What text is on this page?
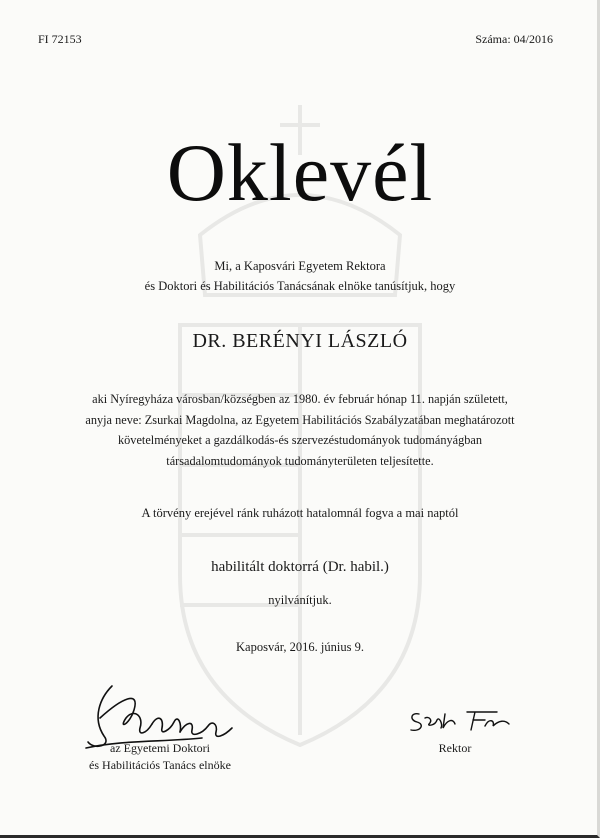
FI 72153	Száma: 04/2016
Oklevél
Mi, a Kaposvári Egyetem Rektora
és Doktori és Habilitációs Tanácsának elnöke tanúsítjuk, hogy
DR. BERÉNYI LÁSZLÓ
aki Nyíregyháza városban/községben az 1980. év február hónap 11. napján született,
anyja neve: Zsurkai Magdolna, az Egyetem Habilitációs Szabályzatában meghatározott
követelményeket a gazdálkodás-és szervezéstudományok tudományágban
társadalomtudományok tudományterületen teljesítette.
A törvény erejével ránk ruházott hatalomnál fogva a mai naptól
habilitált doktorrá (Dr. habil.)
nyilvánítjuk.
Kaposvár, 2016. június 9.
az Egyetemi Doktori
és Habilitációs Tanács elnöke
Rektor
